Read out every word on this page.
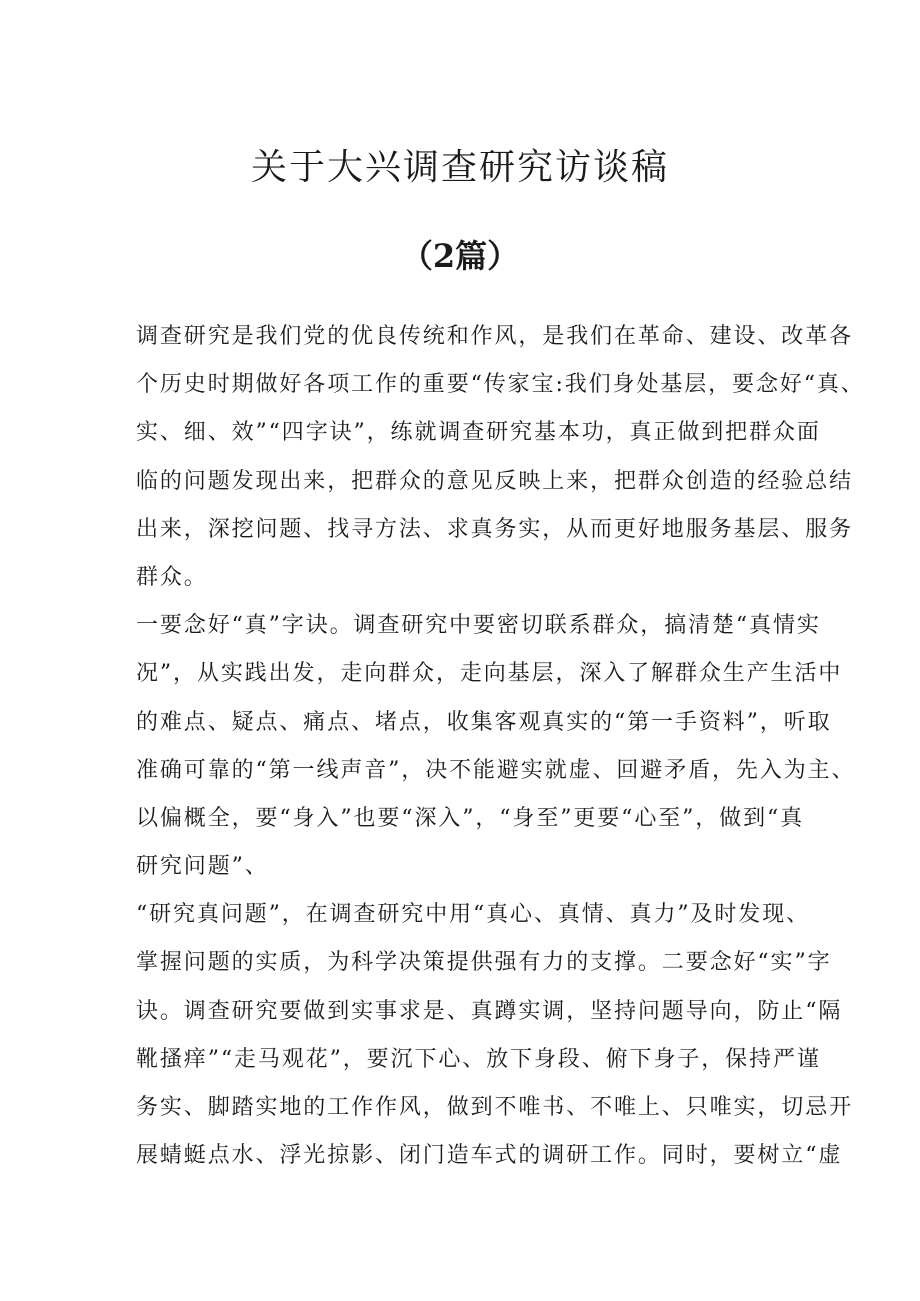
关于大兴调查研究访谈稿
（2篇）
调查研究是我们党的优良传统和作风，是我们在革命、建设、改革各
个历史时期做好各项工作的重要“传家宝:我们身处基层，要念好“真、
实、细、效”“四字诀”，练就调查研究基本功，真正做到把群众面
临的问题发现出来，把群众的意见反映上来，把群众创造的经验总结
出来，深挖问题、找寻方法、求真务实，从而更好地服务基层、服务
群众。
一要念好“真”字诀。调查研究中要密切联系群众，搞清楚“真情实
况”，从实践出发，走向群众，走向基层，深入了解群众生产生活中
的难点、疑点、痛点、堵点，收集客观真实的“第一手资料”，听取
准确可靠的“第一线声音”，决不能避实就虚、回避矛盾，先入为主、
以偏概全，要“身入”也要“深入”，“身至”更要“心至”，做到“真
研究问题”、
“研究真问题”，在调查研究中用“真心、真情、真力”及时发现、
掌握问题的实质，为科学决策提供强有力的支撑。二要念好“实”字
诀。调查研究要做到实事求是、真蹲实调，坚持问题导向，防止“隔
靴搔痒”“走马观花”，要沉下心、放下身段、俯下身子，保持严谨
务实、脚踏实地的工作作风，做到不唯书、不唯上、只唯实，切忌开
展蜻蜓点水、浮光掠影、闭门造车式的调研工作。同时，要树立“虚
